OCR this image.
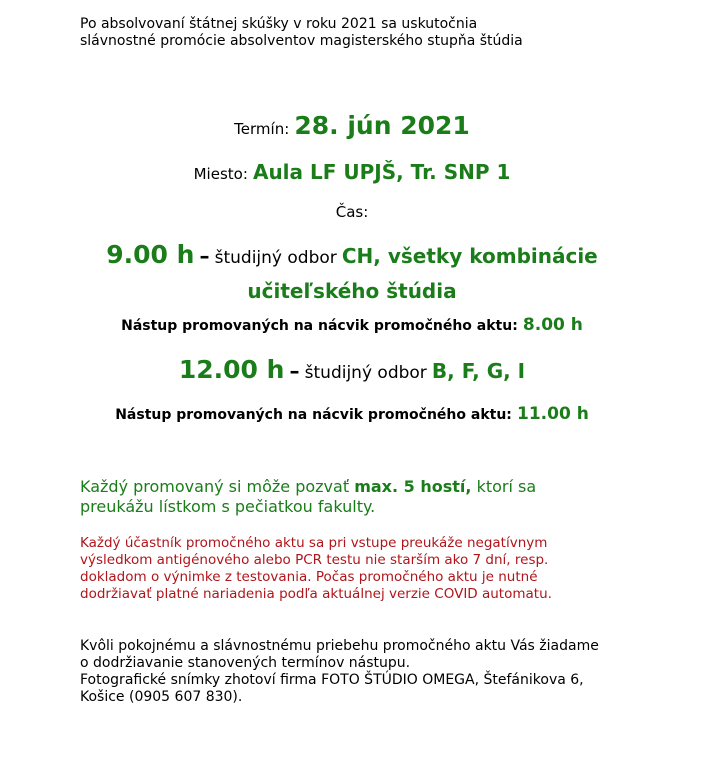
Po absolvovaní štátnej skúšky v roku 2021 sa uskutočnia
slávnostné promócie absolventov magisterského stupňa štúdia

Termín: 28. jún 2021

Miesto: Aula LF UPJŠ, Tr. SNP 1

Čas:

9.00 h – študijný odbor CH, všetky kombinácie
učiteľského štúdia

Nástup promovaných na nácvik promočného aktu: 8.00 h

12.00 h – študijný odbor B, F, G, I

Nástup promovaných na nácvik promočného aktu: 11.00 h

Každý promovaný si môže pozvať max. 5 hostí, ktorí sa
preukážu lístkom s pečiatkou fakulty.

Každý účastník promočného aktu sa pri vstupe preukáže negatívnym
výsledkom antigénového alebo PCR testu nie starším ako 7 dní, resp.
dokladom o výnimke z testovania. Počas promočného aktu je nutné
dodržiavať platné nariadenia podľa aktuálnej verzie COVID automatu.

Kvôli pokojnému a slávnostnému priebehu promočného aktu Vás žiadame
o dodržiavanie stanovených termínov nástupu.
Fotografické snímky zhotoví firma FOTO ŠTÚDIO OMEGA, Štefánikova 6,
Košice (0905 607 830).
